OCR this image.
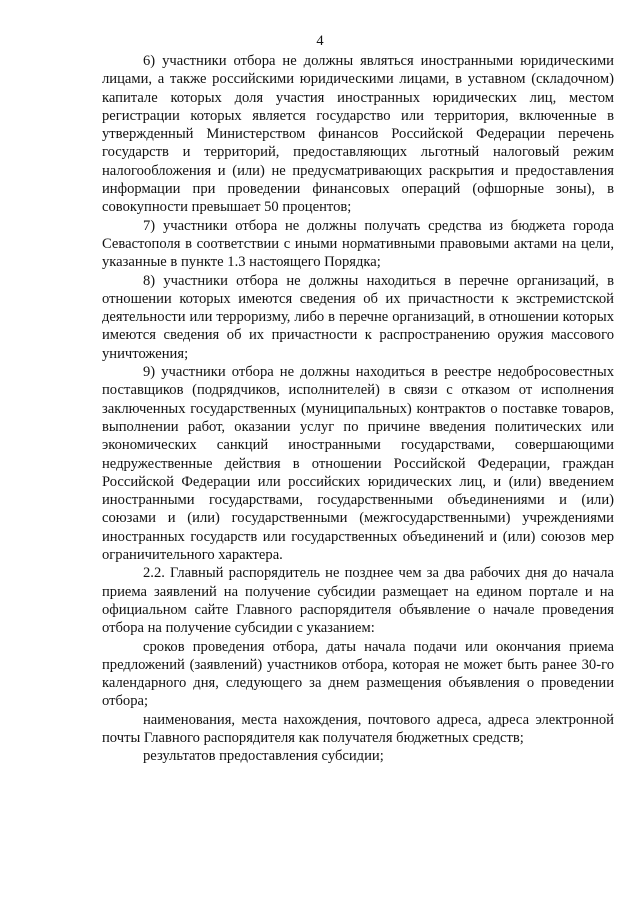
4

6) участники отбора не должны являться иностранными юридическими лицами, а также российскими юридическими лицами, в уставном (складочном) капитале которых доля участия иностранных юридических лиц, местом регистрации которых является государство или территория, включенные в утвержденный Министерством финансов Российской Федерации перечень государств и территорий, предоставляющих льготный налоговый режим налогообложения и (или) не предусматривающих раскрытия и предоставления информации при проведении финансовых операций (офшорные зоны), в совокупности превышает 50 процентов;

7) участники отбора не должны получать средства из бюджета города Севастополя в соответствии с иными нормативными правовыми актами на цели, указанные в пункте 1.3 настоящего Порядка;

8) участники отбора не должны находиться в перечне организаций, в отношении которых имеются сведения об их причастности к экстремистской деятельности или терроризму, либо в перечне организаций, в отношении которых имеются сведения об их причастности к распространению оружия массового уничтожения;

9) участники отбора не должны находиться в реестре недобросовестных поставщиков (подрядчиков, исполнителей) в связи с отказом от исполнения заключенных государственных (муниципальных) контрактов о поставке товаров, выполнении работ, оказании услуг по причине введения политических или экономических санкций иностранными государствами, совершающими недружественные действия в отношении Российской Федерации, граждан Российской Федерации или российских юридических лиц, и (или) введением иностранными государствами, государственными объединениями и (или) союзами и (или) государственными (межгосударственными) учреждениями иностранных государств или государственных объединений и (или) союзов мер ограничительного характера.

2.2. Главный распорядитель не позднее чем за два рабочих дня до начала приема заявлений на получение субсидии размещает на едином портале и на официальном сайте Главного распорядителя объявление о начале проведения отбора на получение субсидии с указанием:

сроков проведения отбора, даты начала подачи или окончания приема предложений (заявлений) участников отбора, которая не может быть ранее 30-го календарного дня, следующего за днем размещения объявления о проведении отбора;

наименования, места нахождения, почтового адреса, адреса электронной почты Главного распорядителя как получателя бюджетных средств;

результатов предоставления субсидии;
